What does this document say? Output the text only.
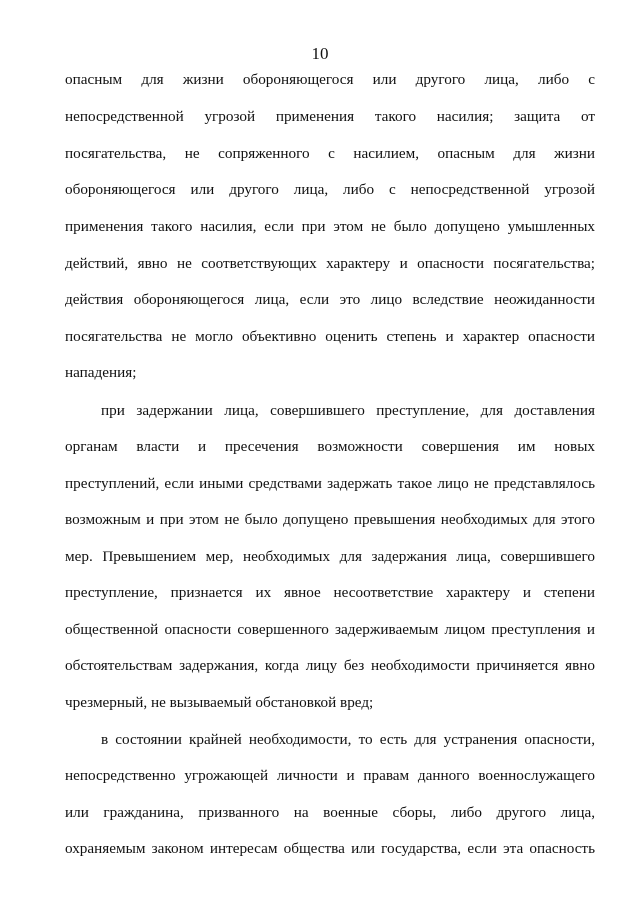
10
опасным для жизни обороняющегося или другого лица, либо с
непосредственной угрозой применения такого насилия; защита от
посягательства, не сопряженного с насилием, опасным для жизни
обороняющегося или другого лица, либо с непосредственной угрозой
применения такого насилия, если при этом не было допущено умышленных
действий, явно не соответствующих характеру и опасности посягательства;
действия обороняющегося лица, если это лицо вследствие неожиданности
посягательства не могло объективно оценить степень и характер опасности
нападения;
при задержании лица, совершившего преступление, для доставления
органам власти и пресечения возможности совершения им новых
преступлений, если иными средствами задержать такое лицо не представлялось
возможным и при этом не было допущено превышения необходимых для этого
мер. Превышением мер, необходимых для задержания лица, совершившего
преступление, признается их явное несоответствие характеру и степени
общественной опасности совершенного задерживаемым лицом преступления и
обстоятельствам задержания, когда лицу без необходимости причиняется явно
чрезмерный, не вызываемый обстановкой вред;
в состоянии крайней необходимости, то есть для устранения опасности,
непосредственно угрожающей личности и правам данного военнослужащего
или гражданина, призванного на военные сборы, либо другого лица,
охраняемым законом интересам общества или государства, если эта опасность
